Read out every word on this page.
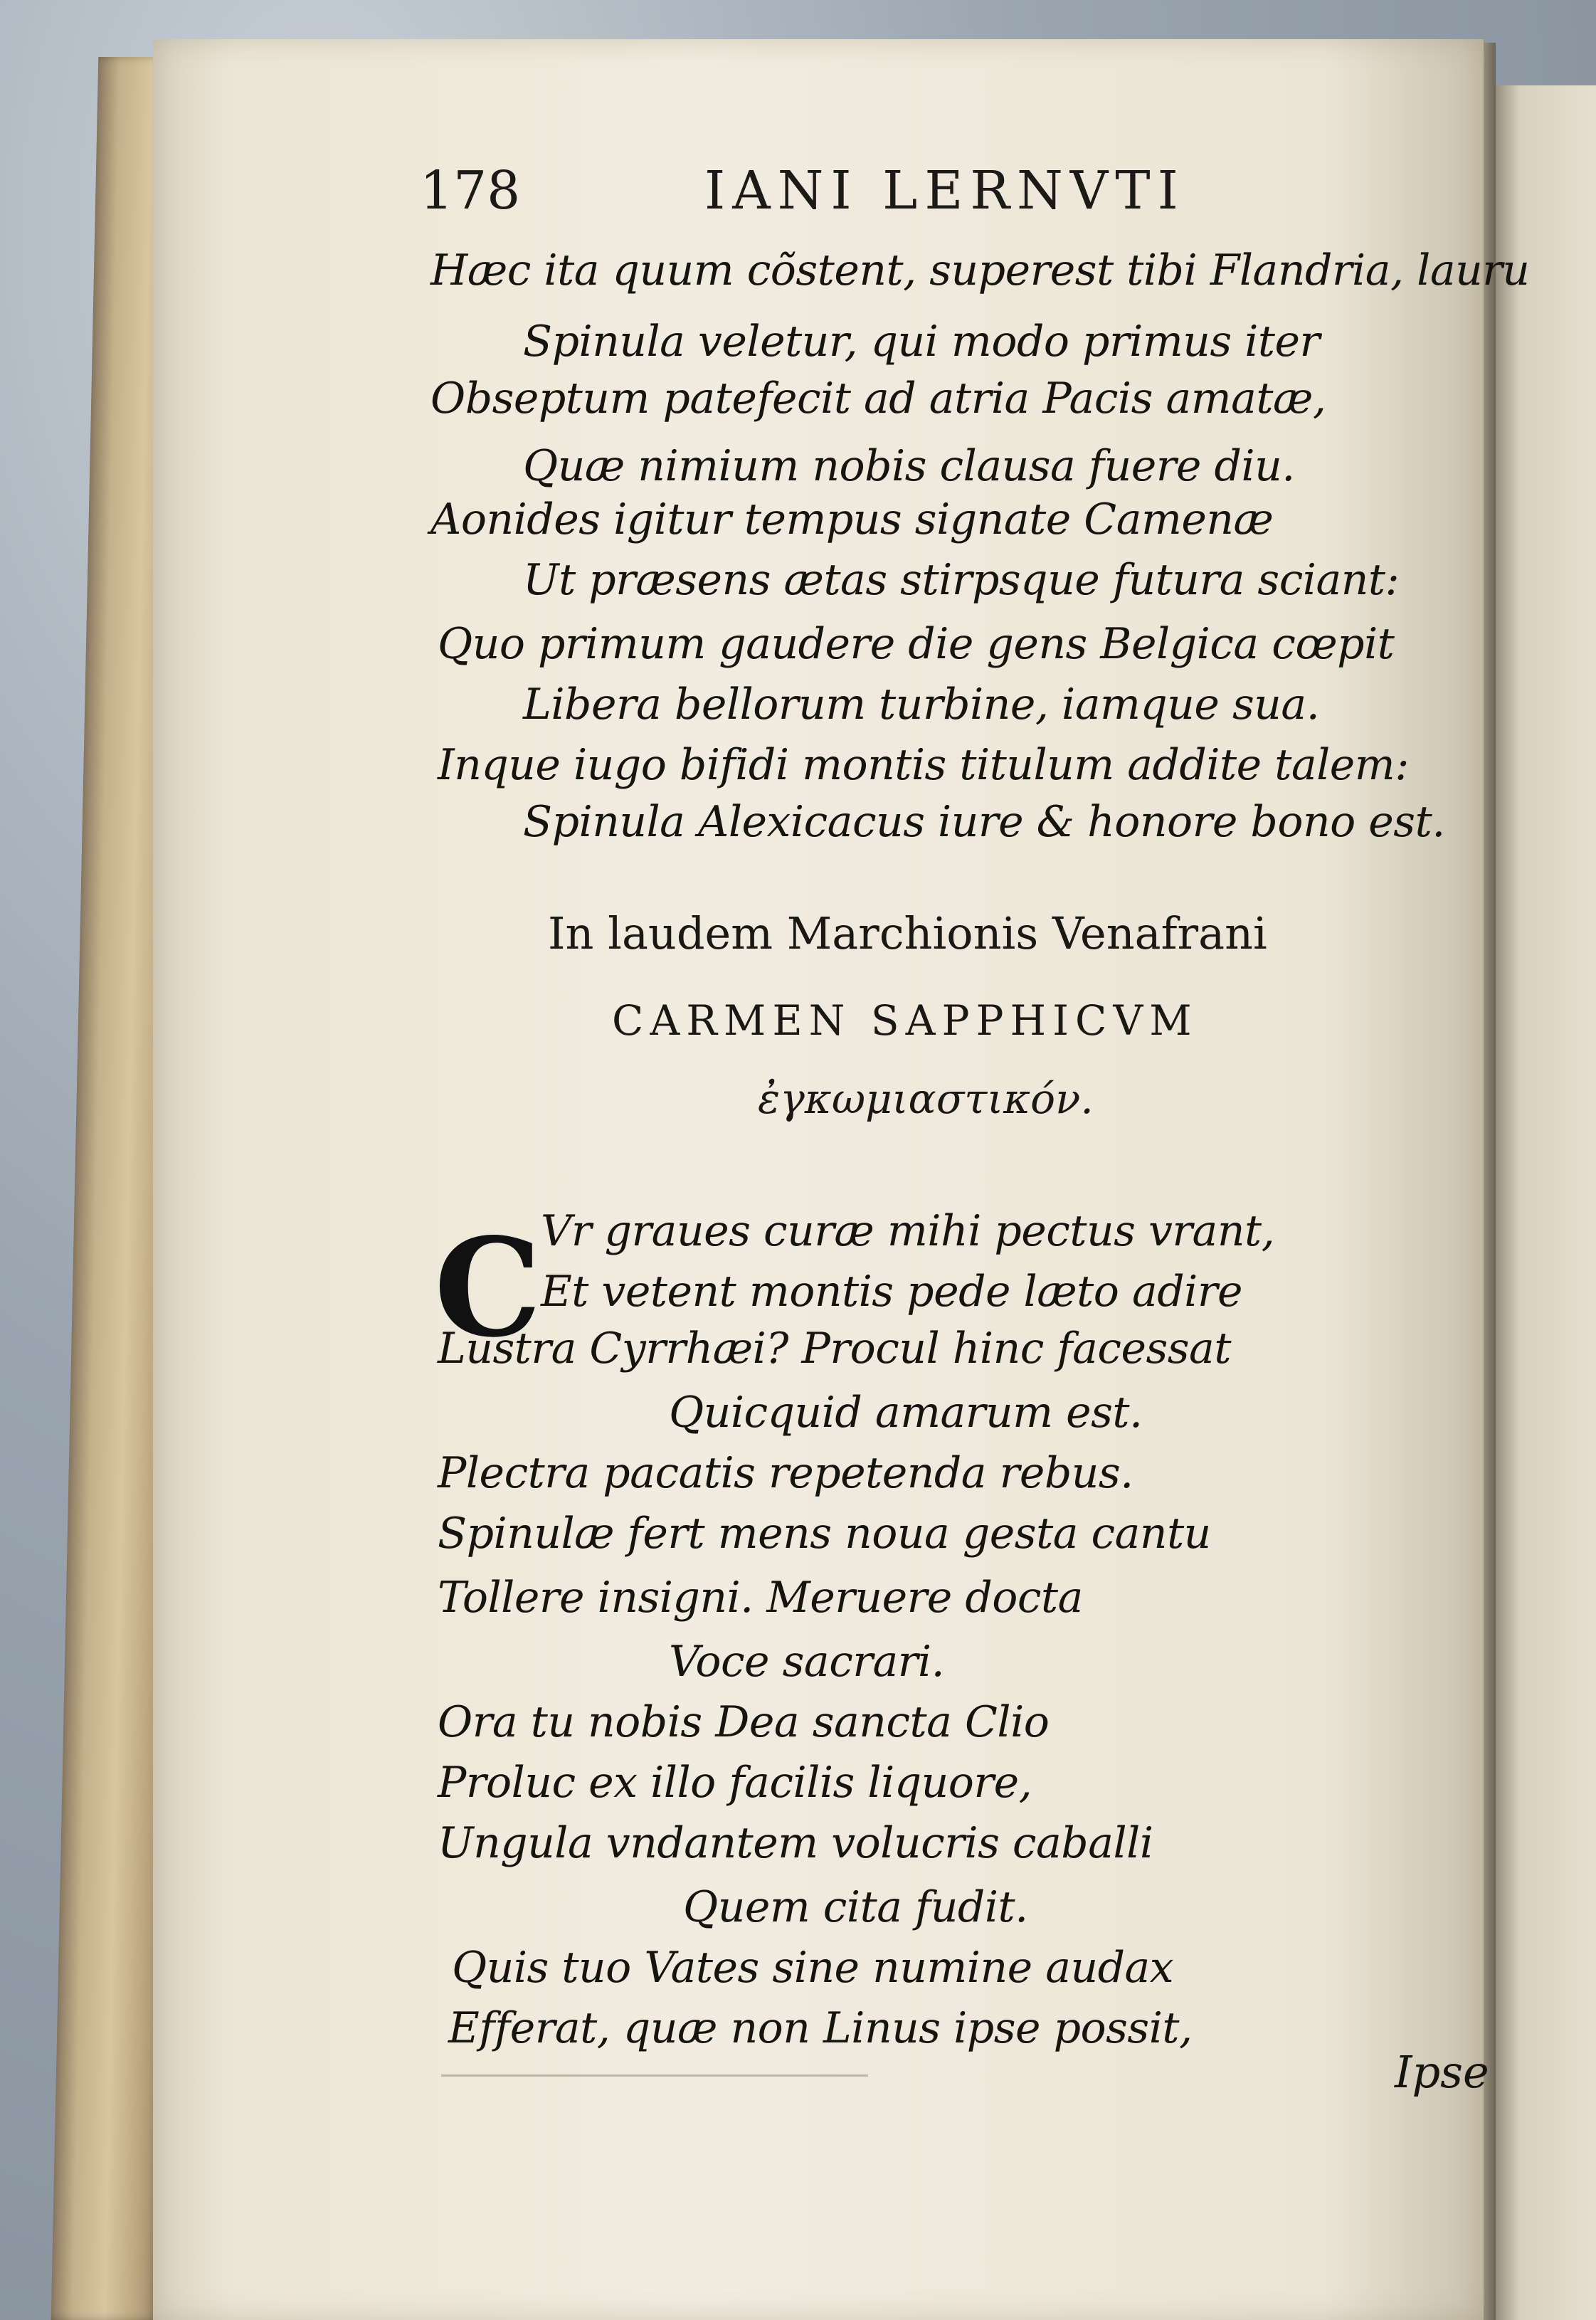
178	IANI LERNVTI

Hæc ita quum cõstent, superest tibi Flandria, lauru

Spinula veletur, qui modo primus iter

Obseptum patefecit ad atria Pacis amatæ,

Quæ nimium nobis clausa fuere diu.

Aonides igitur tempus signate Camenæ

Ut præsens ætas stirpsque futura sciant:

Quo primum gaudere die gens Belgica cœpit

Libera bellorum turbine, iamque sua.

Inque iugo bifidi montis titulum addite talem:

Spinula Alexicacus iure & honore bono est.

In laudem Marchionis Venafrani
CARMEN SAPPHICVM
ἐγκωμιαστικόν.
C

Vr graues curæ mihi pectus vrant,

Et vetent montis pede læto adire

Lustra Cyrrhæi? Procul hinc facessat

Quicquid amarum est.

Plectra pacatis repetenda rebus.

Spinulæ fert mens noua gesta cantu

Tollere insigni. Meruere docta

Voce sacrari.

Ora tu nobis Dea sancta Clio

Proluc ex illo facilis liquore,

Ungula vndantem volucris caballi

Quem cita fudit.

Quis tuo Vates sine numine audax

Efferat, quæ non Linus ipse possit,

Ipse
